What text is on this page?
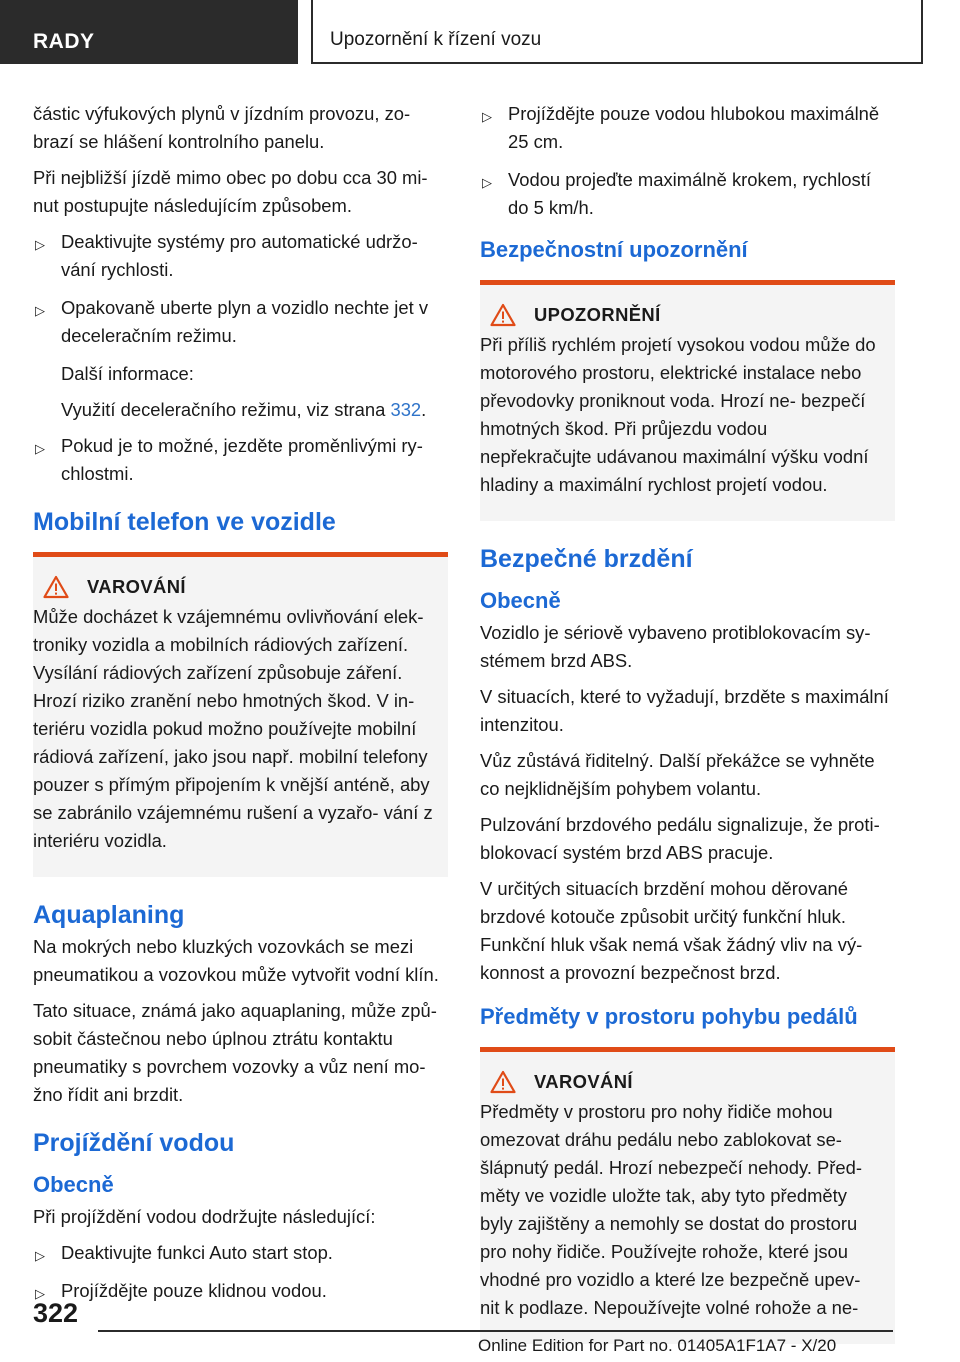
RADY	Upozornění k řízení vozu

částic výfukových plynů v jízdním provozu, zo- brazí se hlášení kontrolního panelu.

Při nejbližší jízdě mimo obec po dobu cca 30 mi- nut postupujte následujícím způsobem.

▷ Deaktivujte systémy pro automatické udržo- vání rychlosti.
▷ Opakovaně uberte plyn a vozidlo nechte jet v deceleračním režimu.
Další informace:
Využití deceleračního režimu, viz strana 332.
▷ Pokud je to možné, jezděte proměnlivými ry- chlostmi.
Mobilní telefon ve vozidle
VAROVÁNÍ

Může docházet k vzájemnému ovlivňování elek- troniky vozidla a mobilních rádiových zařízení. Vysílání rádiových zařízení způsobuje záření. Hrozí riziko zranění nebo hmotných škod. V in- teriéru vozidla pokud možno používejte mobilní rádiová zařízení, jako jsou např. mobilní telefony pouzer s přímým připojením k vnější anténě, aby se zabránilo vzájemnému rušení a vyzařo- vání z interiéru vozidla.

Aquaplaning

Na mokrých nebo kluzkých vozovkách se mezi pneumatikou a vozovkou může vytvořit vodní klín.

Tato situace, známá jako aquaplaning, může způ- sobit částečnou nebo úplnou ztrátu kontaktu pneumatiky s povrchem vozovky a vůz není mo- žno řídit ani brzdit.

Projíždění vodou
Obecně

Při projíždění vodou dodržujte následující:

▷ Deaktivujte funkci Auto start stop.
▷ Projíždějte pouze klidnou vodou.
▷ Projíždějte pouze vodou hlubokou maximálně 25 cm.
▷ Vodou projeďte maximálně krokem, rychlostí do 5 km/h.
Bezpečnostní upozornění
UPOZORNĚNÍ

Při příliš rychlém projetí vysokou vodou může do motorového prostoru, elektrické instalace nebo převodovky proniknout voda. Hrozí ne- bezpečí hmotných škod. Při průjezdu vodou nepřekračujte udávanou maximální výšku vodní hladiny a maximální rychlost projetí vodou.

Bezpečné brzdění
Obecně

Vozidlo je sériově vybaveno protiblokovacím sy- stémem brzd ABS.

V situacích, které to vyžadují, brzděte s maximální intenzitou.

Vůz zůstává řiditelný. Další překážce se vyhněte co nejklidnějším pohybem volantu.

Pulzování brzdového pedálu signalizuje, že proti- blokovací systém brzd ABS pracuje.

V určitých situacích brzdění mohou děrované brzdové kotouče způsobit určitý funkční hluk. Funkční hluk však nemá však žádný vliv na vý- konnost a provozní bezpečnost brzd.

Předměty v prostoru pohybu pedálů
VAROVÁNÍ

Předměty v prostoru pro nohy řidiče mohou omezovat dráhu pedálu nebo zablokovat se- šlápnutý pedál. Hrozí nebezpečí nehody. Před- měty ve vozidle uložte tak, aby tyto předměty byly zajištěny a nemohly se dostat do prostoru pro nohy řidiče. Používejte rohože, které jsou vhodné pro vozidlo a které lze bezpečně upev- nit k podlaze. Nepoužívejte volné rohože a ne-

322
Online Edition for Part no. 01405A1F1A7 - X/20
